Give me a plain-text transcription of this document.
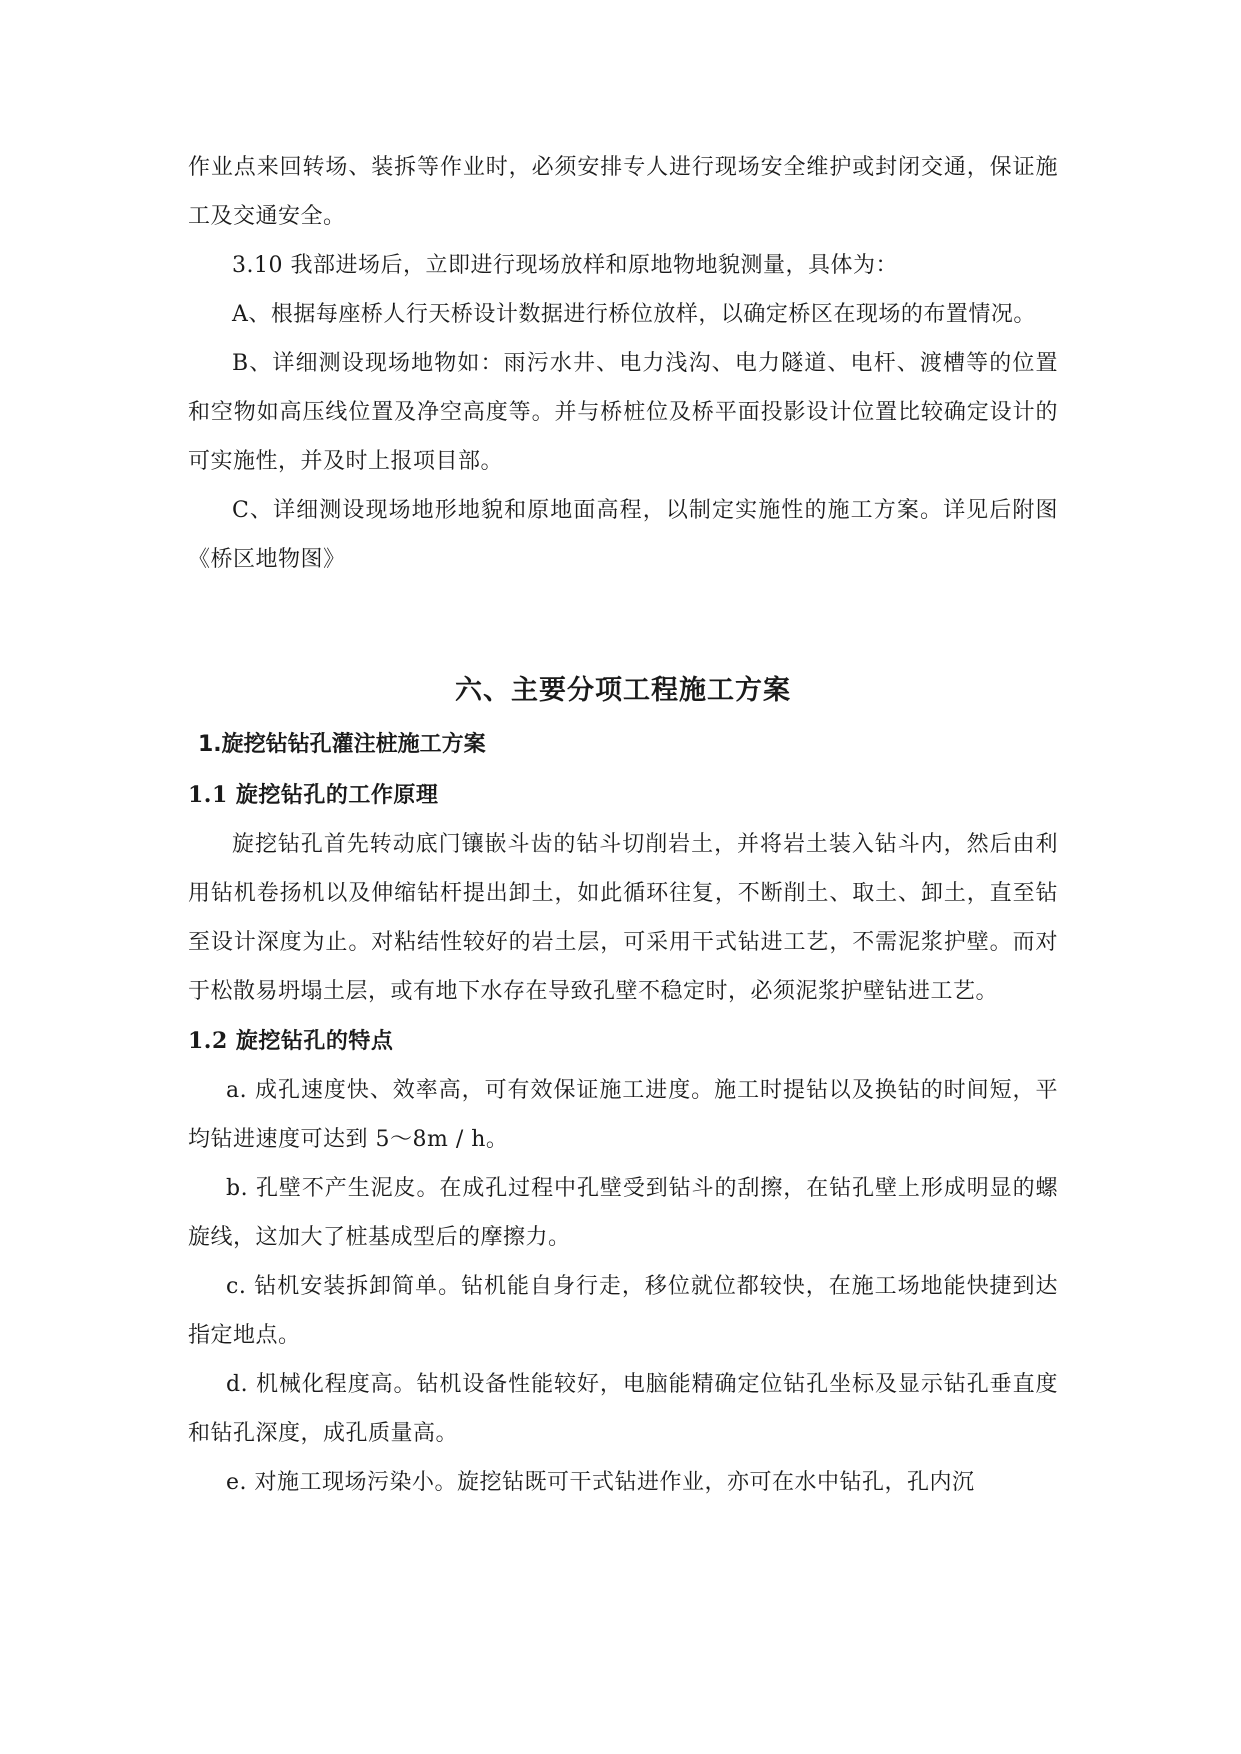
作业点来回转场、装拆等作业时，必须安排专人进行现场安全维护或封闭交通，保证施工及交通安全。

3.10 我部进场后，立即进行现场放样和原地物地貌测量，具体为：

A、根据每座桥人行天桥设计数据进行桥位放样，以确定桥区在现场的布置情况。

B、详细测设现场地物如：雨污水井、电力浅沟、电力隧道、电杆、渡槽等的位置和空物如高压线位置及净空高度等。并与桥桩位及桥平面投影设计位置比较确定设计的可实施性，并及时上报项目部。

C、详细测设现场地形地貌和原地面高程，以制定实施性的施工方案。详见后附图《桥区地物图》

六、主要分项工程施工方案
1.旋挖钻钻孔灌注桩施工方案
1.1 旋挖钻孔的工作原理

旋挖钻孔首先转动底门镶嵌斗齿的钻斗切削岩土，并将岩土装入钻斗内，然后由利用钻机卷扬机以及伸缩钻杆提出卸土，如此循环往复，不断削土、取土、卸土，直至钻至设计深度为止。对粘结性较好的岩土层，可采用干式钻进工艺，不需泥浆护壁。而对于松散易坍塌土层，或有地下水存在导致孔壁不稳定时，必须泥浆护壁钻进工艺。

1.2 旋挖钻孔的特点

a. 成孔速度快、效率高，可有效保证施工进度。施工时提钻以及换钻的时间短，平均钻进速度可达到 5～8m / h。

b. 孔壁不产生泥皮。在成孔过程中孔壁受到钻斗的刮擦，在钻孔壁上形成明显的螺旋线，这加大了桩基成型后的摩擦力。

c. 钻机安装拆卸简单。钻机能自身行走，移位就位都较快，在施工场地能快捷到达指定地点。

d. 机械化程度高。钻机设备性能较好，电脑能精确定位钻孔坐标及显示钻孔垂直度和钻孔深度，成孔质量高。

e. 对施工现场污染小。旋挖钻既可干式钻进作业，亦可在水中钻孔，孔内沉
